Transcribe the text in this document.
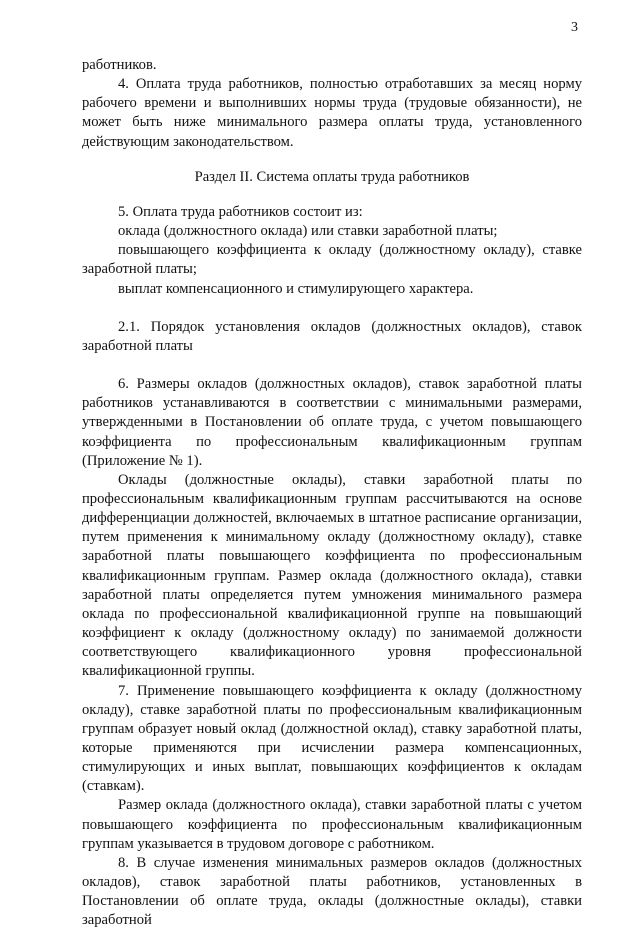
3

работников.

4. Оплата труда работников, полностью отработавших за месяц норму рабочего времени и выполнивших нормы труда (трудовые обязанности), не может быть ниже минимального размера оплаты труда, установленного действующим законодательством.

Раздел II. Система оплаты труда работников

5. Оплата труда работников состоит из:

оклада (должностного оклада) или ставки заработной платы;

повышающего коэффициента к окладу (должностному окладу), ставке заработной платы;

выплат компенсационного и стимулирующего характера.

2.1. Порядок установления окладов (должностных окладов), ставок заработной платы

6. Размеры окладов (должностных окладов), ставок заработной платы работников устанавливаются в соответствии с минимальными размерами, утвержденными в Постановлении об оплате труда, с учетом повышающего коэффициента по профессиональным квалификационным группам (Приложение № 1).

Оклады (должностные оклады), ставки заработной платы по профессиональным квалификационным группам рассчитываются на основе дифференциации должностей, включаемых в штатное расписание организации, путем применения к минимальному окладу (должностному окладу), ставке заработной платы повышающего коэффициента по профессиональным квалификационным группам. Размер оклада (должностного оклада), ставки заработной платы определяется путем умножения минимального размера оклада по профессиональной квалификационной группе на повышающий коэффициент к окладу (должностному окладу) по занимаемой должности соответствующего квалификационного уровня профессиональной квалификационной группы.

7. Применение повышающего коэффициента к окладу (должностному окладу), ставке заработной платы по профессиональным квалификационным группам образует новый оклад (должностной оклад), ставку заработной платы, которые применяются при исчислении размера компенсационных, стимулирующих и иных выплат, повышающих коэффициентов к окладам (ставкам).

Размер оклада (должностного оклада), ставки заработной платы с учетом повышающего коэффициента по профессиональным квалификационным группам указывается в трудовом договоре с работником.

8. В случае изменения минимальных размеров окладов (должностных окладов), ставок заработной платы работников, установленных в Постановлении об оплате труда, оклады (должностные оклады), ставки заработной
